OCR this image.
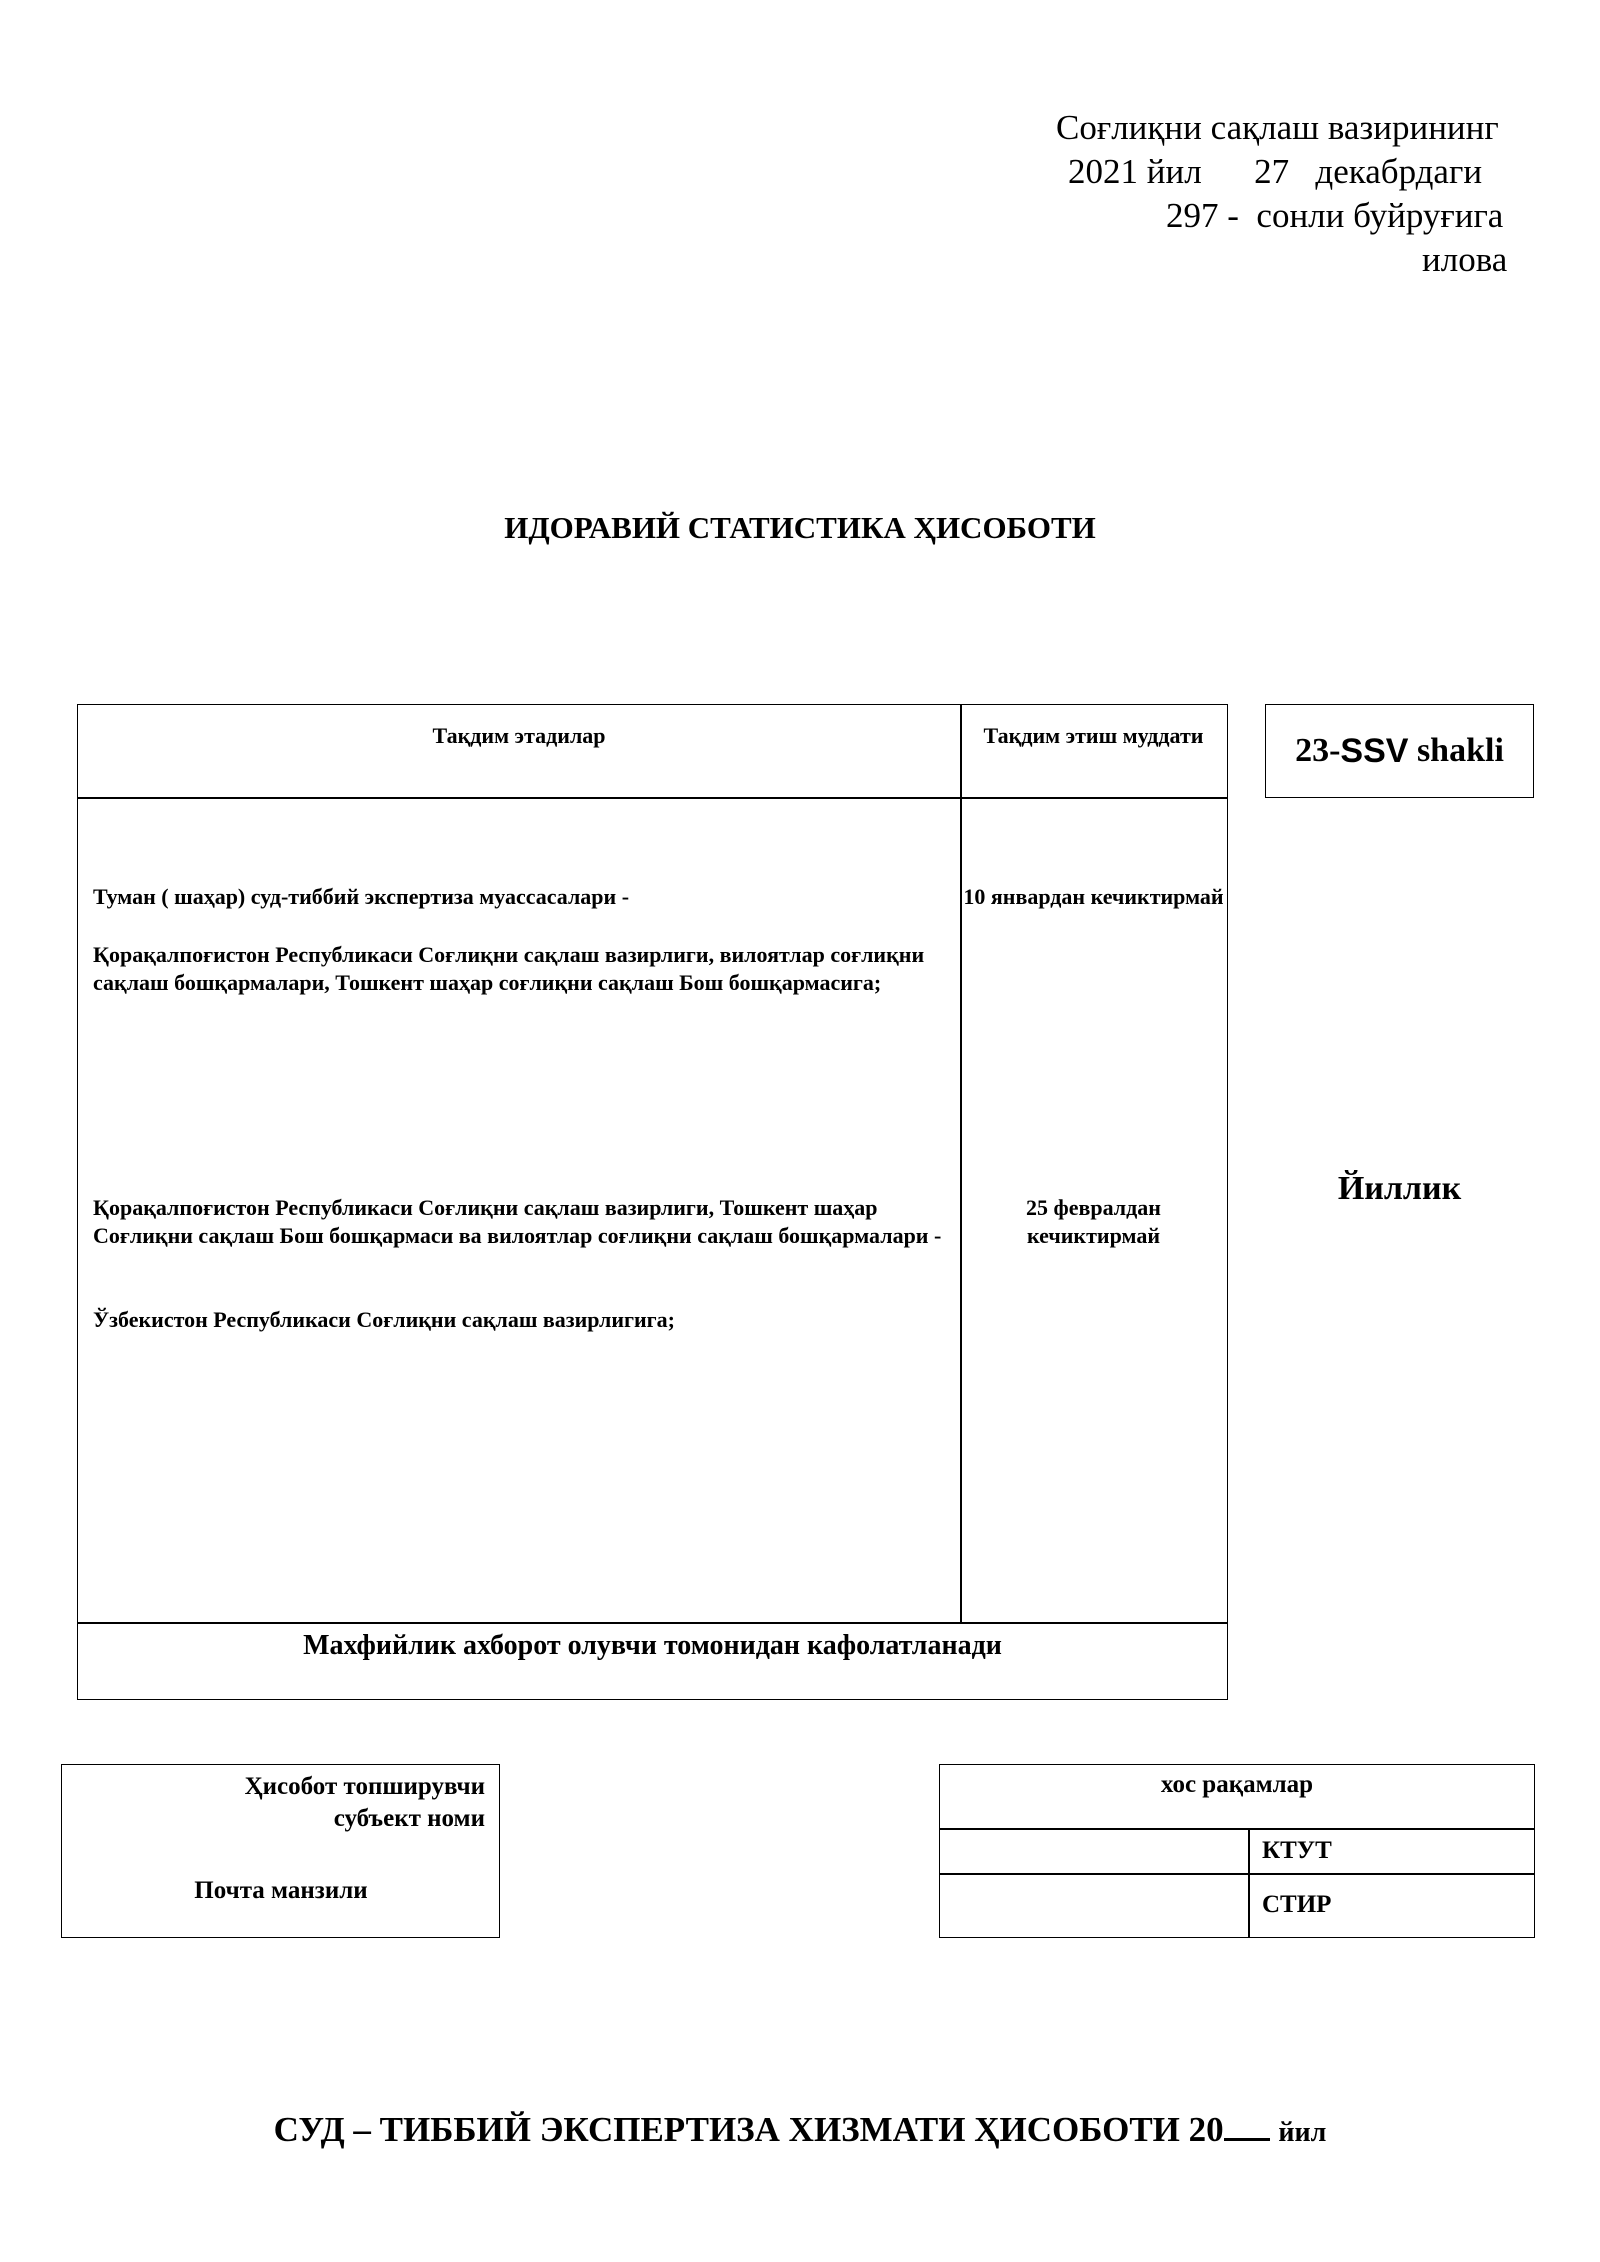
Соғлиқни сақлаш вазирининг
2021 йил      27   декабрдаги
297 -  сонли буйруғига
илова
ИДОРАВИЙ СТАТИСТИКА ҲИСОБОТИ
Тақдим этадилар	Тақдим этиш муддати
Туман ( шаҳар) суд-тиббий экспертиза муассасалари -
Қорақалпоғистон Республикаси Соғлиқни сақлаш вазирлиги, вилоятлар соғлиқни сақлаш бошқармалари, Тошкент шаҳар соғлиқни сақлаш Бош бошқармасига;
10 январдан кечиктирмай
Қорақалпоғистон Республикаси Соғлиқни сақлаш вазирлиги, Тошкент шаҳар Соғлиқни сақлаш Бош бошқармаси ва вилоятлар соғлиқни сақлаш бошқармалари -
Ўзбекистон Республикаси Соғлиқни сақлаш вазирлигига;
25 февралдан кечиктирмай
Махфийлик ахборот олувчи томонидан кафолатланади
23- SSV shakli
Йиллик
Ҳисобот топширувчи
субъект номи
Почта манзили
хос рақамлар
КТУТ
СТИР
СУД – ТИББИЙ ЭКСПЕРТИЗА ХИЗМАТИ ҲИСОБОТИ 20 йил
